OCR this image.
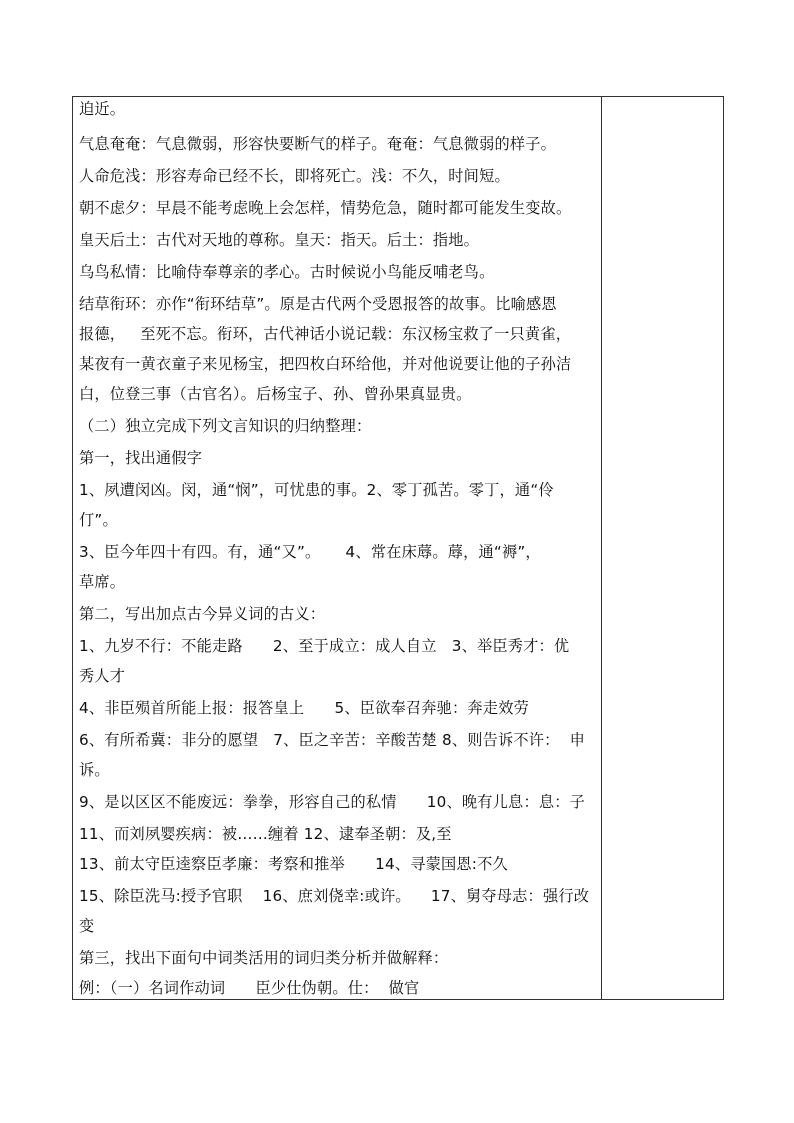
迫近。
气息奄奄：气息微弱，形容快要断气的样子。奄奄：气息微弱的样子。
人命危浅：形容寿命已经不长，即将死亡。浅：不久，时间短。
朝不虑夕：早晨不能考虑晚上会怎样，情势危急，随时都可能发生变故。
皇天后土：古代对天地的尊称。皇天：指天。后土：指地。
乌鸟私情：比喻侍奉尊亲的孝心。古时候说小鸟能反哺老鸟。
结草衔环：亦作“衔环结草”。原是古代两个受恩报答的故事。比喻感恩
报德，   至死不忘。衔环，古代神话小说记载：东汉杨宝救了一只黄雀，
某夜有一黄衣童子来见杨宝，把四枚白环给他，并对他说要让他的子孙洁
白，位登三事（古官名）。后杨宝子、孙、曾孙果真显贵。
（二）独立完成下列文言知识的归纳整理：
第一，找出通假字
1、夙遭闵凶。闵，通“悯”，可忧患的事。2、零丁孤苦。零丁，通“伶
仃”。
3、臣今年四十有四。有，通“又”。     4、常在床蓐。蓐，通“褥”，
草席。
第二，写出加点古今异义词的古义：
1、九岁不行：不能走路      2、至于成立：成人自立   3、举臣秀才：优
秀人才
4、非臣殒首所能上报：报答皇上      5、臣欲奉召奔驰：奔走效劳
6、有所希冀：非分的愿望   7、臣之辛苦：辛酸苦楚 8、则告诉不许：  申
诉。
9、是以区区不能废远：拳拳，形容自己的私情      10、晚有儿息：息：子
11、而刘夙婴疾病：被……缠着 12、逮奉圣朝：及,至
13、前太守臣逵察臣孝廉：考察和推举      14、寻蒙国恩:不久
15、除臣洗马:授予官职    16、庶刘侥幸:或许。    17、舅夺母志：强行改
变
第三，找出下面句中词类活用的词归类分析并做解释：
例：（一）名词作动词      臣少仕伪朝。仕：  做官
